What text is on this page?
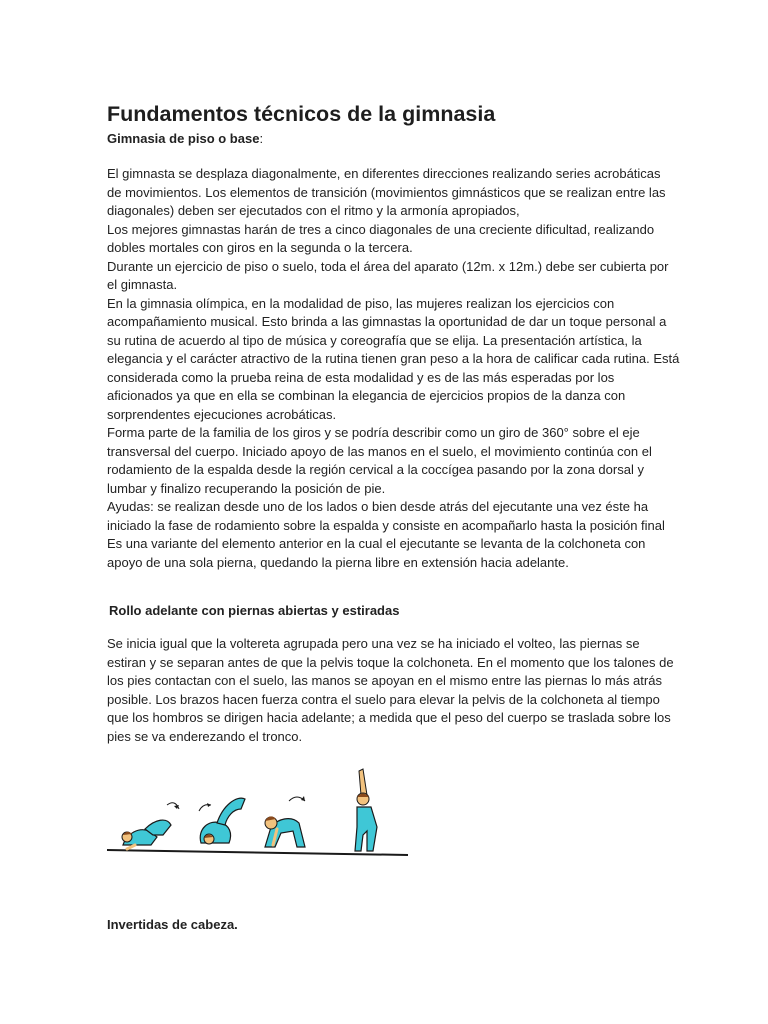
Fundamentos técnicos de la gimnasia
Gimnasia de piso o base:
El gimnasta se desplaza diagonalmente, en diferentes direcciones realizando series acrobáticas
de movimientos. Los elementos de transición (movimientos gimnásticos que se realizan entre las
diagonales) deben ser ejecutados con el ritmo y la armonía apropiados,
Los mejores gimnastas harán de tres a cinco diagonales de una creciente dificultad, realizando
dobles mortales con giros en la segunda o la tercera.
Durante un ejercicio de piso o suelo, toda el área del aparato (12m. x 12m.) debe ser cubierta por
el gimnasta.
En la gimnasia olímpica, en la modalidad de piso, las mujeres realizan los ejercicios con
acompañamiento musical. Esto brinda a las gimnastas la oportunidad de dar un toque personal a
su rutina de acuerdo al tipo de música y coreografía que se elija. La presentación artística, la
elegancia y el carácter atractivo de la rutina tienen gran peso a la hora de calificar cada rutina. Está
considerada como la prueba reina de esta modalidad y es de las más esperadas por los
aficionados ya que en ella se combinan la elegancia de ejercicios propios de la danza con
sorprendentes ejecuciones acrobáticas.
Forma parte de la familia de los giros y se podría describir como un giro de 360° sobre el eje
transversal del cuerpo. Iniciado apoyo de las manos en el suelo, el movimiento continúa con el
rodamiento de la espalda desde la región cervical a la coccígea pasando por la zona dorsal y
lumbar y finalizo recuperando la posición de pie.
Ayudas: se realizan desde uno de los lados o bien desde atrás del ejecutante una vez éste ha
iniciado la fase de rodamiento sobre la espalda y consiste en acompañarlo hasta la posición final
Es una variante del elemento anterior en la cual el ejecutante se levanta de la colchoneta con
apoyo de una sola pierna, quedando la pierna libre en extensión hacia adelante.
Rollo adelante con piernas abiertas y estiradas
Se inicia igual que la voltereta agrupada pero una vez se ha iniciado el volteo, las piernas se
estiran y se separan antes de que la pelvis toque la colchoneta. En el momento que los talones de
los pies contactan con el suelo, las manos se apoyan en el mismo entre las piernas lo más atrás
posible. Los brazos hacen fuerza contra el suelo para elevar la pelvis de la colchoneta al tiempo
que los hombros se dirigen hacia adelante; a medida que el peso del cuerpo se traslada sobre los
pies se va enderezando el tronco.
Invertidas de cabeza.
